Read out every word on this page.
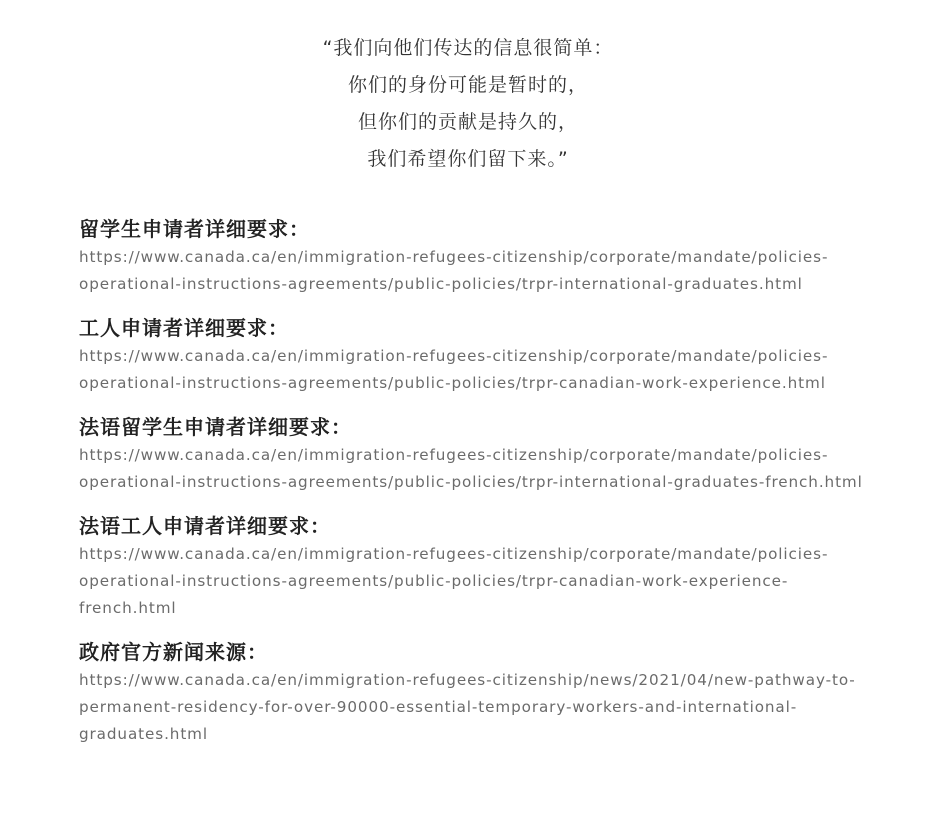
“我们向他们传达的信息很简单：
你们的身份可能是暂时的，
但你们的贡献是持久的，
我们希望你们留下来。”
留学生申请者详细要求：
https://www.canada.ca/en/immigration-refugees-citizenship/corporate/mandate/policies-
operational-instructions-agreements/public-policies/trpr-international-graduates.html
工人申请者详细要求：
https://www.canada.ca/en/immigration-refugees-citizenship/corporate/mandate/policies-
operational-instructions-agreements/public-policies/trpr-canadian-work-experience.html
法语留学生申请者详细要求：
https://www.canada.ca/en/immigration-refugees-citizenship/corporate/mandate/policies-
operational-instructions-agreements/public-policies/trpr-international-graduates-french.html
法语工人申请者详细要求：
https://www.canada.ca/en/immigration-refugees-citizenship/corporate/mandate/policies-
operational-instructions-agreements/public-policies/trpr-canadian-work-experience-
french.html
政府官方新闻来源：
https://www.canada.ca/en/immigration-refugees-citizenship/news/2021/04/new-pathway-to-
permanent-residency-for-over-90000-essential-temporary-workers-and-international-
graduates.html
